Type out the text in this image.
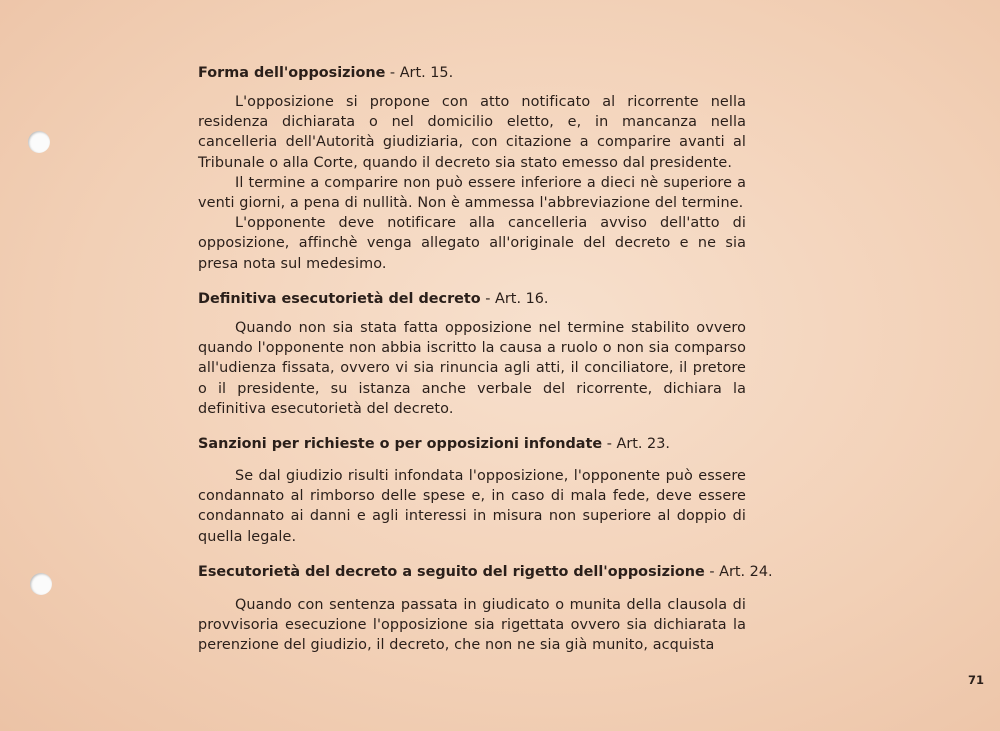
Forma dell'opposizione - Art. 15.

L'opposizione si propone con atto notificato al ricorrente nella residenza dichiarata o nel domicilio eletto, e, in mancanza nella cancelleria dell'Autorità giudiziaria, con citazione a comparire avanti al Tribunale o alla Corte, quando il decreto sia stato emesso dal presidente.

Il termine a comparire non può essere inferiore a dieci nè superiore a venti giorni, a pena di nullità. Non è ammessa l'abbreviazione del termine.

L'opponente deve notificare alla cancelleria avviso dell'atto di opposizione, affinchè venga allegato all'originale del decreto e ne sia presa nota sul medesimo.

Definitiva esecutorietà del decreto - Art. 16.

Quando non sia stata fatta opposizione nel termine stabilito ovvero quando l'opponente non abbia iscritto la causa a ruolo o non sia comparso all'udienza fissata, ovvero vi sia rinuncia agli atti, il conciliatore, il pretore o il presidente, su istanza anche verbale del ricorrente, dichiara la definitiva esecutorietà del decreto.

Sanzioni per richieste o per opposizioni infondate - Art. 23.

Se dal giudizio risulti infondata l'opposizione, l'opponente può essere condannato al rimborso delle spese e, in caso di mala fede, deve essere condannato ai danni e agli interessi in misura non superiore al doppio di quella legale.

Esecutorietà del decreto a seguito del rigetto dell'opposizione - Art. 24.

Quando con sentenza passata in giudicato o munita della clausola di provvisoria esecuzione l'opposizione sia rigettata ovvero sia dichiarata la perenzione del giudizio, il decreto, che non ne sia già munito, acquista

71
